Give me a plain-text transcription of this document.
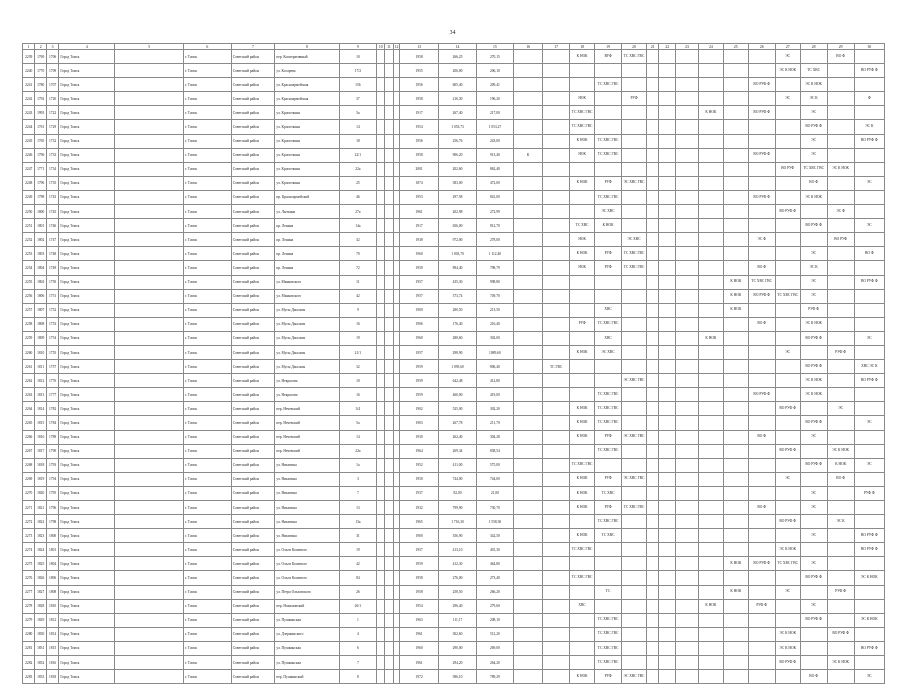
34
1	2	3	4	5	6	7	8	9	10	11	12	13	14	15	16	17	18	19	20	21	22	23	24	25	26	27	28	29	30
2239	1769	1706	Город Томск		г. Томск	Советский район	пер. Кооперативный	10				1958	266,25	270,15			К НОК	ВУФ	ТС ХВС ГВС							ЭС		ВО Ф	
2240	1770	1709	Город Томск		г. Томск	Советский район	ул. Косарева	17/2				1955	206,00	206,10												ЭС К НОК	ТС ХВС		ВО РУФ Ф
2241	1780	1707	Город Томск		г. Томск	Советский район	ул. Красноармейская	156				1956	605,40	209,41				ТС ХВС ГВС							ВО РУФ Ф		ЭС К НОК		
2242	1792	1720	Город Томск		г. Томск	Советский район	ул. Красноармейская	37				1958	216,30	196,20			НОК		РУФ							ЭС	ЭС К		Ф
2243	1993	1722	Город Томск		г. Томск	Советский район	ул. Кропоткина	3а				1917	267,40	217,00			ТС ХВС ГВС						К НОК		ВО РУФ Ф		ЭС		
2244	1761	1729	Город Томск		г. Томск	Советский район	ул. Кропоткина	14				1954	1 053,73	1 053,27			ТС ХВС ГВС										ВО РУФ Ф		ЭС К
2245	1765	1732	Город Томск		г. Томск	Советский район	ул. Кропоткина	18				1956	256,76	243,00			К НОК	ТС ХВС ГВС									ЭС		ВО РУФ Ф
2246	1796	1733	Город Томск		г. Томск	Советский район	ул. Кропоткина	22/1				1958	906,20	913,40	К		НОК	ТС ХВС ГВС							ВО РУФ Ф		ЭС		
2247	1771	1734	Город Томск		г. Томск	Советский район	ул. Кропоткина	22а				2001	202,60	862,40												ВО РУФ	ТС ХВС ГВС	ЭС К НОК	
2248	1796	1735	Город Томск		г. Томск	Советский район	ул. Кропоткина	25				1874	383,00	472,00			К НОК	РУФ	ЭС ХВС ГВС								ВО Ф		ЭС
2249	1798	1743	Город Томск		г. Томск	Советский район	пр. Красноармейский	46				1953	297,58	841,00				ТС ХВС ГВС							ВО РУФ Ф		ЭС К НОК		
2250	1800	1745	Город Томск		г. Томск	Советский район	ул. Лыткина	27а				1961	202,98	272,99				ЭС ХВС								ВО РУФ Ф		ЭС Ф	
2251	1801	1746	Город Томск		г. Томск	Советский район	пр. Ленина	14а				1917	656,00	812,70			ТС ХВС	К НОК									ВО РУФ Ф		ЭС
2252	1802	1747	Город Томск		г. Томск	Советский район	пр. Ленина	32				1938	972,00	278,00			НОК		ЭС ХВС						ЭС Ф			ВО РУФ	
2253	1803	1748	Город Томск		г. Томск	Советский район	пр. Ленина	70				1960	1 003,70	1 112,40			К НОК	РУФ	ТС ХВС ГВС								ЭС		ВО Ф
2254	1804	1749	Город Томск		г. Томск	Советский район	пр. Ленина	72				1950	894,40	798,79			НОК	РУФ	ТС ХВС ГВС						ВО Ф		ЭС К		
2255	1802	1750	Город Томск		г. Томск	Советский район	ул. Маяковского	11				1957	435,30	998,80										К НОК	ТС ХВС ГВС		ЭС		ВО РУФ Ф
2256	1806	1751	Город Томск		г. Томск	Советский район	ул. Маяковского	42				1957	373,74	749,70										К НОК	ВО РУФ Ф	ТС ХВС ГВС	ЭС		
2257	1807	1752	Город Томск		г. Томск	Советский район	ул. Мусы Джалиля	9				1900	280,50	213,50				ХВС						К НОК			РУФ Ф		
2258	1808	1753	Город Томск		г. Томск	Советский район	ул. Мусы Джалиля	16				1906	176,40	216,40			РУФ	ТС ХВС ГВС							ВО Ф		ЭС К НОК		
2259	1809	1754	Город Томск		г. Томск	Советский район	ул. Мусы Джалиля	19				1960	280,60	302,00				ХВС					К НОК				ВО РУФ Ф		ЭС
2260	1810	1755	Город Томск		г. Томск	Советский район	ул. Мусы Джалиля	21/1				1957	298,90	1089,60			К НОК	ЭС ХВС								ЭС		РУФ Ф	
2261	1811	1757	Город Томск		г. Томск	Советский район	ул. Мусы Джалиля	32				1959	1 095,60	806,40		ТС ГВС											ВО РУФ Ф		ХВС ЭС К
2262	1812	1776	Город Томск		г. Томск	Советский район	ул. Некрасова	10				1959	642,48	412,80					ЭС ХВС ГВС								ЭС К НОК		ВО РУФ Ф
2263	1813	1777	Город Томск		г. Томск	Советский район	ул. Некрасова	16				1959	460,00	419,00				ТС ХВС ГВС							ВО РУФ Ф		ЭС К НОК		
2264	1814	1782	Город Томск		г. Томск	Советский район	пер. Нечевский	3/4				1902	525,00	302,20			К НОК	ТС ХВС ГВС								ВО РУФ Ф		ЭС	
2265	1815	1784	Город Томск		г. Томск	Советский район	пер. Нечевский	5а				1903	267,78	211,70			К НОК	ТС ХВС ГВС									ВО РУФ Ф		ЭС
2266	1816	1789	Город Томск		г. Томск	Советский район	пер. Нечевский	14				1930	262,40	304,28			К НОК	РУФ	ЭС ХВС ГВС						ВО Ф		ЭС		
2267	1817	1790	Город Томск		г. Томск	Советский район	пер. Нечевский	22а				1964	269,34	838,54				ТС ХВС ГВС								ВО РУФ Ф		ЭС К НОК	
2268	1818	1793	Город Томск		г. Томск	Советский район	ул. Никитина	1а				1952	411,00	575,00			ТС ХВС ГВС										ВО РУФ Ф	К НОК	ЭС
2269	1819	1794	Город Томск		г. Томск	Советский район	ул. Никитина	3				1950	744,00	744,00			К НОК	РУФ	ЭС ХВС ГВС							ЭС		ВО Ф	
2270	1820	1795	Город Томск		г. Томск	Советский район	ул. Никитина	7				1937	82,00	21,00			К НОК	ТС ХВС									ЭС		РУФ Ф
2271	1821	1796	Город Томск		г. Томск	Советский район	ул. Никитина	13				1932	799,90	730,70			К НОК	РУФ	ТС ХВС ГВС						ВО Ф		ЭС		
2272	1822	1798	Город Томск		г. Томск	Советский район	ул. Никитина	13а				1965	1 716,30	1 558,30				ТС ХВС ГВС								ВО РУФ Ф		ЭС К	
2273	1823	1800	Город Томск		г. Томск	Советский район	ул. Никитина	31				1900	356,90	342,50			К НОК	ТС ХВС									ЭС		ВО РУФ Ф
2274	1824	1801	Город Томск		г. Томск	Советский район	ул. Ольги Кошевого	19				1957	413,10	401,30			ТС ХВС ГВС									ЭС К НОК			ВО РУФ Ф
2275	1825	1804	Город Томск		г. Томск	Советский район	ул. Ольги Кошевого	42				1959	412,30	464,80										К НОК	ВО РУФ Ф	ТС ХВС ГВС	ЭС		
2276	1826	1806	Город Томск		г. Томск	Советский район	ул. Ольги Кошевого	84				1958	276,00	273,40			ТС ХВС ГВС										ВО РУФ Ф		ЭС К НОК
2277	1827	1808	Город Томск		г. Томск	Советский район	ул. Петра Ольховского	26				1958	258,50	266,20				ТС						К НОК		ЭС		РУФ Ф	
2278	1828	1810	Город Томск		г. Томск	Советский район	пер. Нахимовский	26/1				1954	296,40	279,60			ХВС						К НОК		РУФ Ф		ЭС		
2279	1829	1812	Город Томск		г. Томск	Советский район	ул. Пушкинская	1				1963	111,17	208,10				ТС ХВС ГВС									ВО РУФ Ф		ЭС К НОК
2280	1830	1814	Город Томск		г. Томск	Советский район	ул. Дзержинского	4				1961	302,60	512,20				ТС ХВС ГВС								ЭС К НОК		ВО РУФ Ф	
2281	1831	1815	Город Томск		г. Томск	Советский район	ул. Пушкинская	6				1960	290,00	269,00				ТС ХВС ГВС								ЭС К НОК			ВО РУФ Ф
2282	1832	1816	Город Томск		г. Томск	Советский район	ул. Пушкинская	7				1961	294,20	264,20				ТС ХВС ГВС								ВО РУФ Ф		ЭС К НОК	
2283	1833	1818	Город Томск		г. Томск	Советский район	пер. Пушкинский	8				1972	586,10	789,29			К НОК	РУФ	ЭС ХВС ГВС								ВО Ф		ЭС
